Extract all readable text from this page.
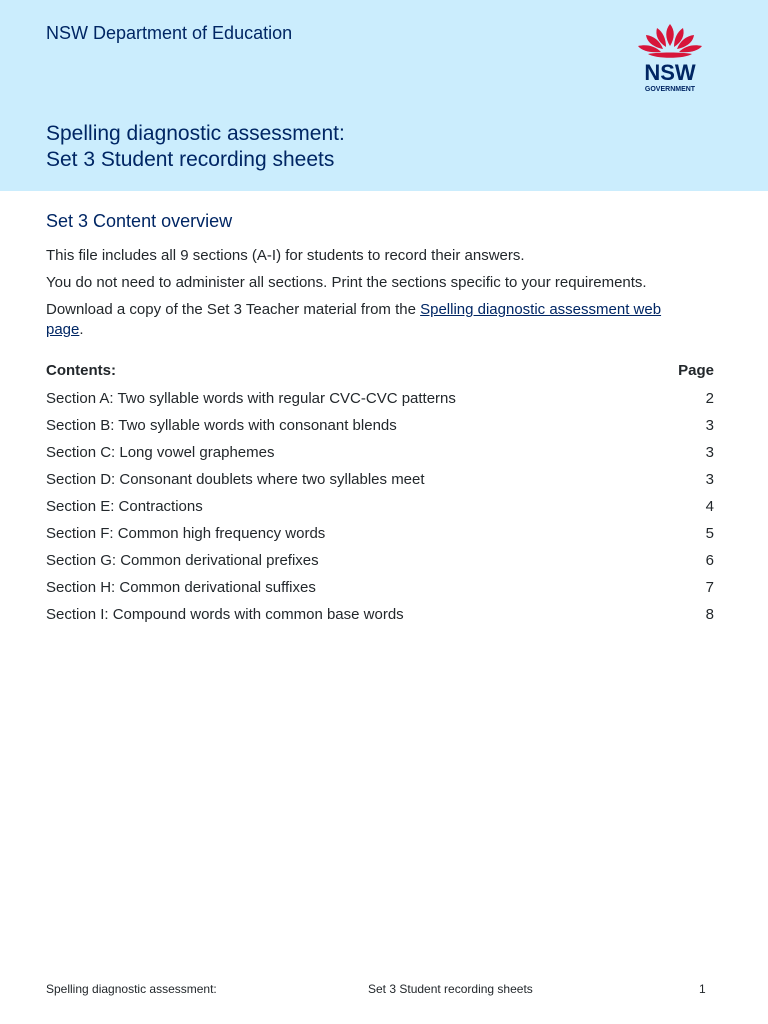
NSW Department of Education
NSW
GOVERNMENT
Spelling diagnostic assessment:
Set 3 Student recording sheets
Set 3 Content overview
This file includes all 9 sections (A-I) for students to record their answers.
You do not need to administer all sections. Print the sections specific to your requirements.
Download a copy of the Set 3 Teacher material from the Spelling diagnostic assessment web
page.
Contents:	Page
Section A: Two syllable words with regular CVC-CVC patterns	2
Section B: Two syllable words with consonant blends	3
Section C: Long vowel graphemes	3
Section D: Consonant doublets where two syllables meet	3
Section E: Contractions	4
Section F: Common high frequency words	5
Section G: Common derivational prefixes	6
Section H: Common derivational suffixes	7
Section I: Compound words with common base words	8
Spelling diagnostic assessment:	Set 3 Student recording sheets	1
